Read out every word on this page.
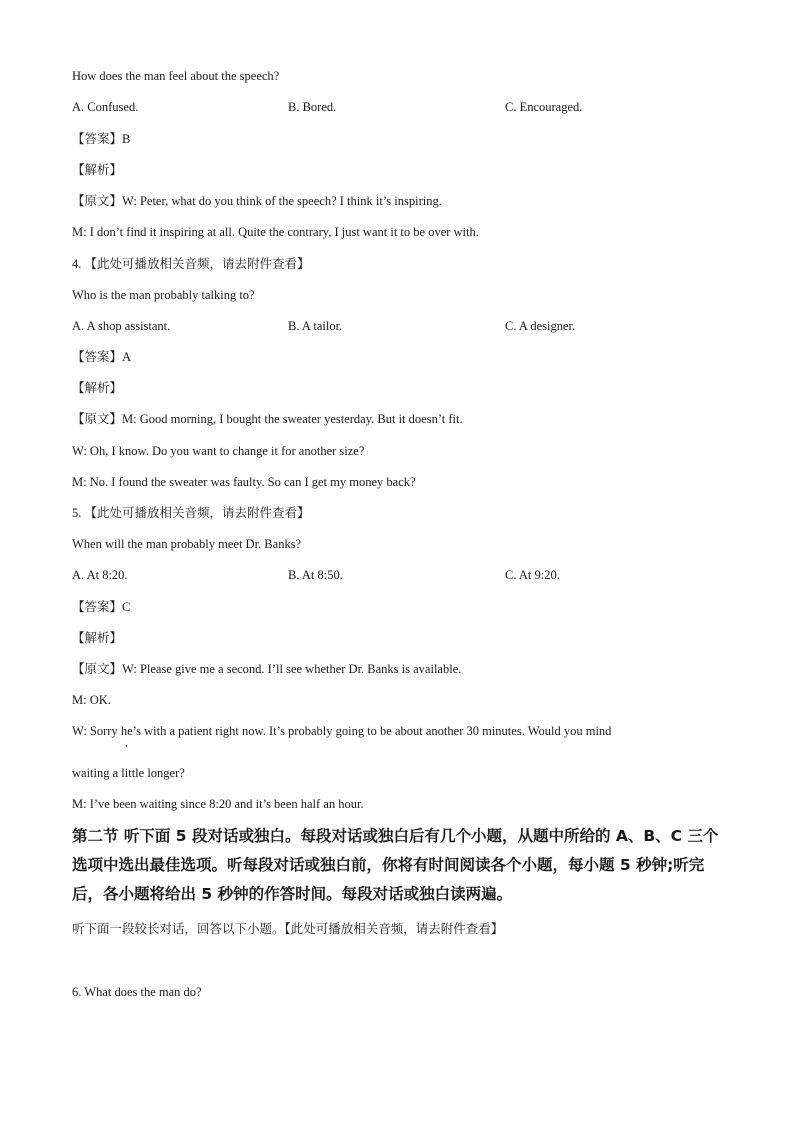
How does the man feel about the speech?
A. Confused.	B. Bored.	C. Encouraged.
【答案】B
【解析】
【原文】W: Peter, what do you think of the speech? I think it’s inspiring.
M: I don’t find it inspiring at all. Quite the contrary, I just want it to be over with.
4. 【此处可播放相关音频，请去附件查看】
Who is the man probably talking to?
A. A shop assistant.	B. A tailor.	C. A designer.
【答案】A
【解析】
【原文】M: Good morning, I bought the sweater yesterday. But it doesn’t fit.
W: Oh, I know. Do you want to change it for another size?
M: No. I found the sweater was faulty. So can I get my money back?
5. 【此处可播放相关音频，请去附件查看】
When will the man probably meet Dr. Banks?
A. At 8:20.	B. At 8:50.	C. At 9:20.
【答案】C
【解析】
【原文】W: Please give me a second. I’ll see whether Dr. Banks is available.
M: OK.
W: Sorry he’s with a patient right now. It’s probably going to be about another 30 minutes. Would you mind
,
waiting a little longer?
M: I’ve been waiting since 8:20 and it’s been half an hour.
第二节 听下面 5 段对话或独白。每段对话或独白后有几个小题，从题中所给的 A、B、C 三个选项中选出最佳选项。听每段对话或独白前，你将有时间阅读各个小题，每小题 5 秒钟;听完后，各小题将给出 5 秒钟的作答时间。每段对话或独白读两遍。
听下面一段较长对话，回答以下小题。【此处可播放相关音频，请去附件查看】
6. What does the man do?
